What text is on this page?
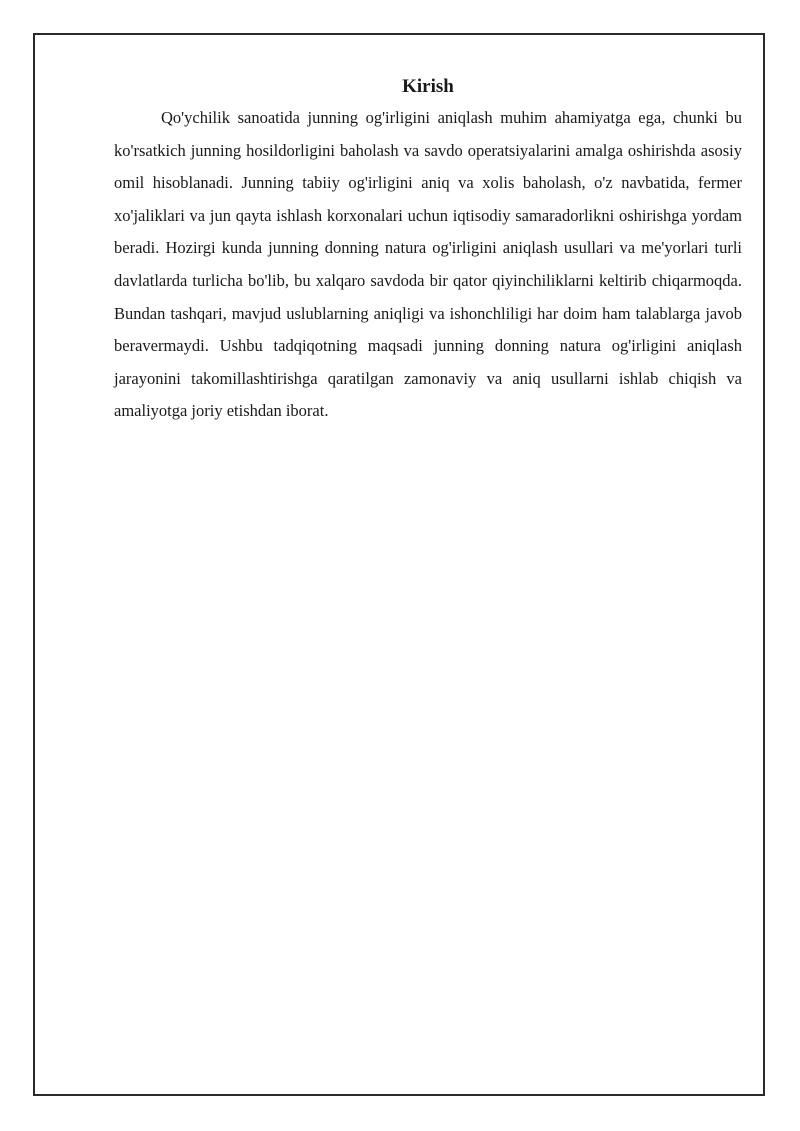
Kirish

Qo'ychilik sanoatida junning og'irligini aniqlash muhim ahamiyatga ega, chunki bu ko'rsatkich junning hosildorligini baholash va savdo operatsiyalarini amalga oshirishda asosiy omil hisoblanadi. Junning tabiiy og'irligini aniq va xolis baholash, o'z navbatida, fermer xo'jaliklari va jun qayta ishlash korxonalari uchun iqtisodiy samaradorlikni oshirishga yordam beradi. Hozirgi kunda junning donning natura og'irligini aniqlash usullari va me'yorlari turli davlatlarda turlicha bo'lib, bu xalqaro savdoda bir qator qiyinchiliklarni keltirib chiqarmoqda. Bundan tashqari, mavjud uslublarning aniqligi va ishonchliligi har doim ham talablarga javob beravermaydi. Ushbu tadqiqotning maqsadi junning donning natura og'irligini aniqlash jarayonini takomillashtirishga qaratilgan zamonaviy va aniq usullarni ishlab chiqish va amaliyotga joriy etishdan iborat.
